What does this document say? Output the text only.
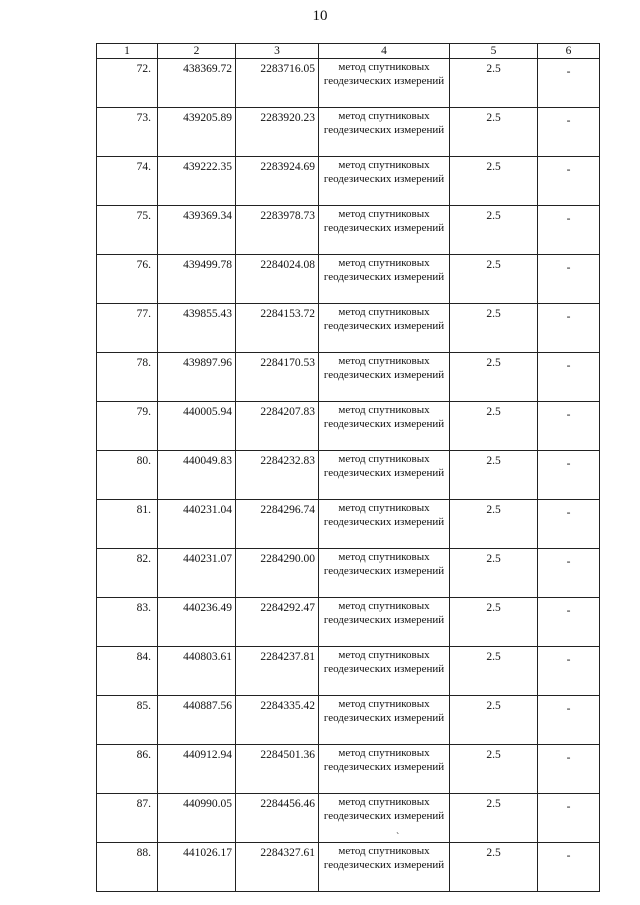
10
1	2	3	4	5	6
72.	438369.72	2283716.05	метод спутниковых геодезических измерений	2.5	-
73.	439205.89	2283920.23	метод спутниковых геодезических измерений	2.5	-
74.	439222.35	2283924.69	метод спутниковых геодезических измерений	2.5	-
75.	439369.34	2283978.73	метод спутниковых геодезических измерений	2.5	-
76.	439499.78	2284024.08	метод спутниковых геодезических измерений	2.5	-
77.	439855.43	2284153.72	метод спутниковых геодезических измерений	2.5	-
78.	439897.96	2284170.53	метод спутниковых геодезических измерений	2.5	-
79.	440005.94	2284207.83	метод спутниковых геодезических измерений	2.5	-
80.	440049.83	2284232.83	метод спутниковых геодезических измерений	2.5	-
81.	440231.04	2284296.74	метод спутниковых геодезических измерений	2.5	-
82.	440231.07	2284290.00	метод спутниковых геодезических измерений	2.5	-
83.	440236.49	2284292.47	метод спутниковых геодезических измерений	2.5	-
84.	440803.61	2284237.81	метод спутниковых геодезических измерений	2.5	-
85.	440887.56	2284335.42	метод спутниковых геодезических измерений	2.5	-
86.	440912.94	2284501.36	метод спутниковых геодезических измерений	2.5	-
87.	440990.05	2284456.46	метод спутниковых геодезических измерений	2.5	-
88.	441026.17	2284327.61	метод спутниковых геодезических измерений	2.5	-
`
